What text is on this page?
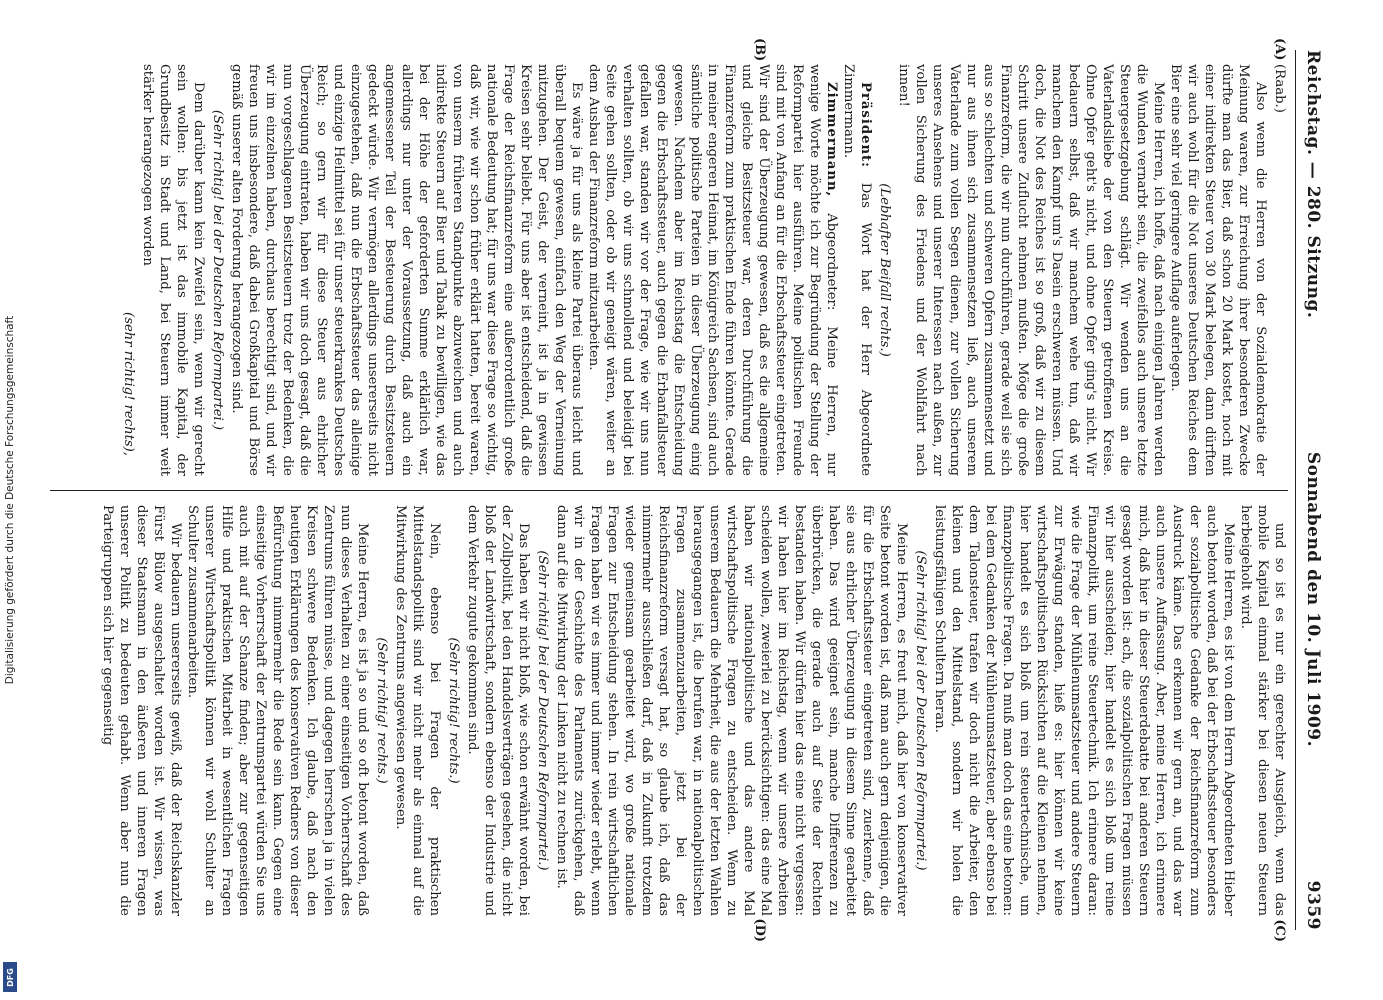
Digitalisierung gefördert durch die Deutsche Forschungsgemeinschaft
DFG
Reichstag. — 280. Sitzung.
Sonnabend den 10. Juli 1909.
9359
(A)
(B)

(Raab.)

Also wenn die Herren von der Sozialdemokratie der Meinung waren, zur Erreichung ihrer besonderen Zwecke dürfte man das Bier, daß schon 20 Mark kostet, noch mit einer indirekten Steuer von 30 Mark belegen, dann dürften wir auch wohl für die Not unseres Deutschen Reiches dem Bier eine sehr viel geringere Auflage auferlegen.

Meine Herren, ich hoffe, daß nach einigen Jahren werden die Wunden vernarbt sein, die zweifellos auch unsere letzte Steuergesetzgebung schlägt. Wir wenden uns an die Vaterlandsliebe der von den Steuern getroffenen Kreise. Ohne Opfer geht's nicht, und ohne Opfer ging's nicht. Wir bedauern selbst, daß wir manchem wehe tun, daß wir manchem den Kampf um's Dasein erschweren müssen. Und doch, die Not des Reiches ist so groß, daß wir zu diesem Schritt unsere Zuflucht nehmen mußten. Möge die große Finanzreform, die wir nun durchführen, gerade weil sie sich aus so schlechten und schweren Opfern zusammensetzt und nur aus ihnen sich zusammensetzen ließ, auch unserem Vaterlande zum vollen Segen dienen, zur vollen Sicherung unseres Ansehens und unserer Interessen nach außen, zur vollen Sicherung des Friedens und der Wohlfahrt nach innen!

(Lebhafter Beifall rechts.)

Präsident: Das Wort hat der Herr Abgeordnete Zimmermann.

Zimmermann, Abgeordneter: Meine Herren, nur wenige Worte möchte ich zur Begründung der Stellung der Reformpartei hier ausführen. Meine politischen Freunde sind mit von Anfang an für die Erbschaftssteuer eingetreten. Wir sind der Überzeugung gewesen, daß es die allgemeine und gleiche Besitzsteuer war, deren Durchführung die Finanzreform zum praktischen Ende führen könnte. Gerade in meiner engeren Heimat, im Königreich Sachsen, sind auch sämtliche politische Parteien in dieser Überzeugung einig gewesen. Nachdem aber im Reichstag die Entscheidung gegen die Erbschaftssteuer, auch gegen die Erbanfallsteuer gefallen war, standen wir vor der Frage, wie wir uns nun verhalten sollten, ob wir uns schmollend und beleidigt bei Seite gehen sollten, oder ob wir geneigt wären, weiter an dem Ausbau der Finanzreform mitzuarbeiten.

Es wäre ja für uns als kleine Partei überaus leicht und überall bequem gewesen, einfach den Weg der Verneinung mitzugehen. Der Geist, der verneint, ist ja in gewissen Kreisen sehr beliebt. Für uns aber ist entscheidend, daß die Frage der Reichsfinanzreform eine außerordentlich große nationale Bedeutung hat; für uns war diese Frage so wichtig, daß wir, wie wir schon früher erklärt hatten, bereit waren, von unserm früheren Standpunkte abzuweichen und auch indirekte Steuern auf Bier und Tabak zu bewilligen, wie das bei der Höhe der geforderten Summe erklärlich war, allerdings nur unter der Voraussetzung, daß auch ein angemessener Teil der Besteuerung durch Besitzsteuern gedeckt würde. Wir vermögen allerdings unsererseits nicht einzugestehen, daß nun die Erbschaftssteuer das alleinige und einzige Heilmittel sei für unser steuerkrankes Deutsches Reich; so gern wir für diese Steuer aus ehrlicher Überzeugung eintraten, haben wir uns doch gesagt, daß die nun vorgeschlagenen Besitzsteuern trotz der Bedenken, die wir im einzelnen haben, durchaus berechtigt sind, und wir freuen uns insbesondere, daß dabei Großkapital und Börse gemäß unserer alten Forderung herangezogen sind.

(Sehr richtig! bei der Deutschen Reformpartei.)

Dem darüber kann kein Zweifel sein, wenn wir gerecht sein wollen: bis jetzt ist das immobile Kapital, der Grundbesitz in Stadt und Land, bei Steuern immer weit stärker herangezogen worden

(sehr richtig! rechts),

(C)
(D)

und so ist es nur ein gerechter Ausgleich, wenn das mobile Kapital einmal stärker bei diesen neuen Steuern herbeigeholt wird.

Meine Herren, es ist von dem Herrn Abgeordneten Hieber auch betont worden, daß bei der Erbschaftssteuer besonders der sozialpolitische Gedanke der Reichsfinanzreform zum Ausdruck käme. Das erkennen wir gern an, und das war auch unsere Auffassung. Aber, meine Herren, ich erinnere mich, daß hier in dieser Steuerdebatte bei anderen Steuern gesagt worden ist: ach, die sozialpolitischen Fragen müssen wir hier ausscheiden; hier handelt es sich bloß um reine Finanzpolitik, um reine Steuertechnik. Ich erinnere daran: wie die Frage der Mühlenumsatzsteuer und andere Steuern zur Erwägung standen, hieß es: hier können wir keine wirtschaftspolitischen Rücksichten auf die Kleinen nehmen, hier handelt es sich bloß um rein steuertechnische, um finanzpolitische Fragen. Da muß man doch das eine betonen: bei dem Gedanken der Mühlenumsatzsteuer, aber ebenso bei dem Talonsteuer, trafen wir doch nicht die Arbeiter, den kleinen und den Mittelstand, sondern wir holen die leistungsfähigen Schultern heran.

(Sehr richtig! bei der Deutschen Reformpartei.)

Meine Herren, es freut mich, daß hier von konservativer Seite betont worden ist, daß man auch gern denjenigen, die für die Erbschaftssteuer eingetreten sind, zuerkenne, daß sie aus ehrlicher Überzeugung in diesem Sinne gearbeitet haben. Das wird geeignet sein, manche Differenzen zu überbrücken, die gerade auch auf Seite der Rechten bestanden haben. Wir dürfen hier das eine nicht vergessen: wir haben hier im Reichstag, wenn wir unsere Arbeiten scheiden wollen, zweierlei zu berücksichtigen: das eine Mal haben wir nationalpolitische und das andere Mal wirtschaftspolitische Fragen zu entscheiden. Wenn zu unserem Bedauern die Mehrheit, die aus der letzten Wahlen herausgegangen ist, die berufen war, in nationalpolitischen Fragen zusammenzuarbeiten, jetzt bei der Reichsfinanzreform versagt hat, so glaube ich, daß das nimmermehr ausschließen darf, daß in Zukunft trotzdem wieder gemeinsam gearbeitet wird, wo große nationale Fragen zur Entscheidung stehen. In rein wirtschaftlichen Fragen haben wir es immer und immer wieder erlebt, wenn wir in der Geschichte des Parlaments zurückgehen, daß dann auf die Mitwirkung der Linken nicht zu rechnen ist.

(Sehr richtig! bei der Deutschen Reformpartei.)

Das haben wir nicht bloß, wie schon erwähnt worden, bei der Zollpolitik, bei den Handelsverträgen gesehen, die nicht bloß der Landwirtschaft, sondern ebenso der Industrie und dem Verkehr zugute gekommen sind.

(Sehr richtig! rechts.)

Nein, ebenso bei Fragen der praktischen Mittelstandspolitik sind wir nicht mehr als einmal auf die Mitwirkung des Zentrums angewiesen gewesen.

(Sehr richtig! rechts.)

Meine Herren, es ist ja so und so oft betont worden, daß nun dieses Verhalten zu einer einseitigen Vorherrschaft des Zentrums führen müsse, und dagegen herrschen ja in vielen Kreisen schwere Bedenken. Ich glaube, daß nach den heutigen Erklärungen des konservativen Redners von dieser Befürchtung nimmermehr die Rede sein kann. Gegen eine einseitige Vorherrschaft der Zentrumspartei würden Sie uns auch mit auf der Schanze finden; aber zur gegenseitigen Hilfe und praktischen Mitarbeit in wesentlichen Fragen unserer Wirtschaftspolitik können wir wohl Schulter an Schulter zusammenarbeiten.

Wir bedauern unsererseits gewiß, daß der Reichskanzler Fürst Bülow ausgeschaltet worden ist. Wir wissen, was dieser Staatsmann in den äußeren und inneren Fragen unserer Politik zu bedeuten gehabt. Wenn aber nun die Parteigruppen sich hier gegenseitig
